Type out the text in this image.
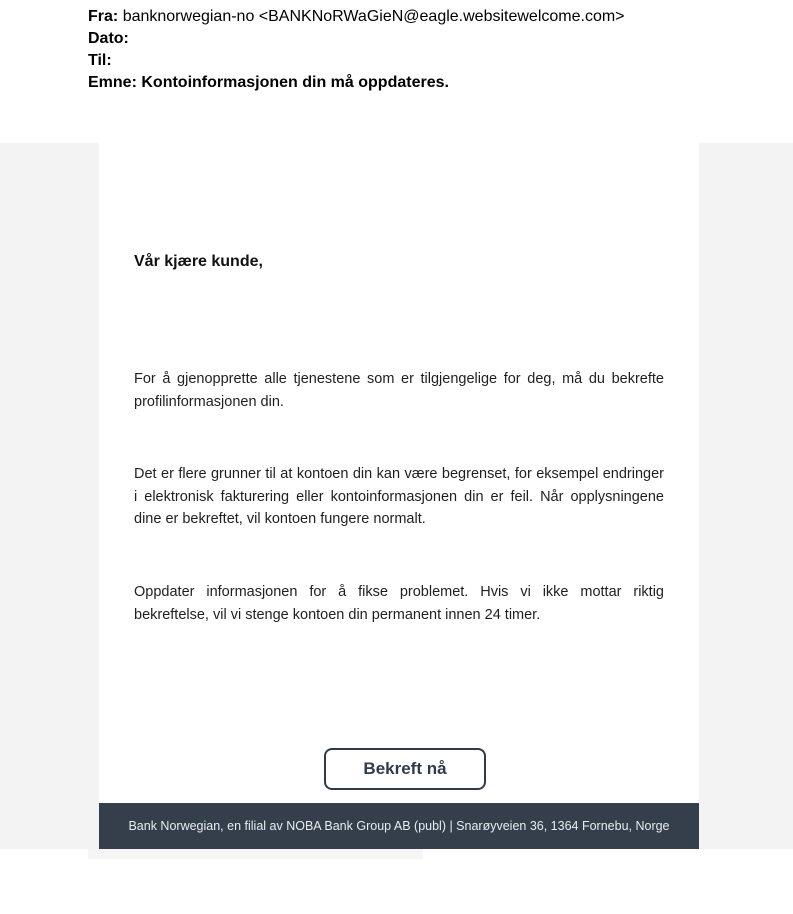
Fra: banknorwegian-no <BANKNoRWaGieN@eagle.websitewelcome.com>
Dato:
Til:
Emne: Kontoinformasjonen din må oppdateres.
Vår kjære kunde,
For å gjenopprette alle tjenestene som er tilgjengelige for deg, må du bekrefte profilinformasjonen din.
Det er flere grunner til at kontoen din kan være begrenset, for eksempel endringer i elektronisk fakturering eller kontoinformasjonen din er feil. Når opplysningene dine er bekreftet, vil kontoen fungere normalt.
Oppdater informasjonen for å fikse problemet. Hvis vi ikke mottar riktig bekreftelse, vil vi stenge kontoen din permanent innen 24 timer.
Bekreft nå
Bank Norwegian, en filial av NOBA Bank Group AB (publ) | Snarøyveien 36, 1364 Fornebu, Norge
